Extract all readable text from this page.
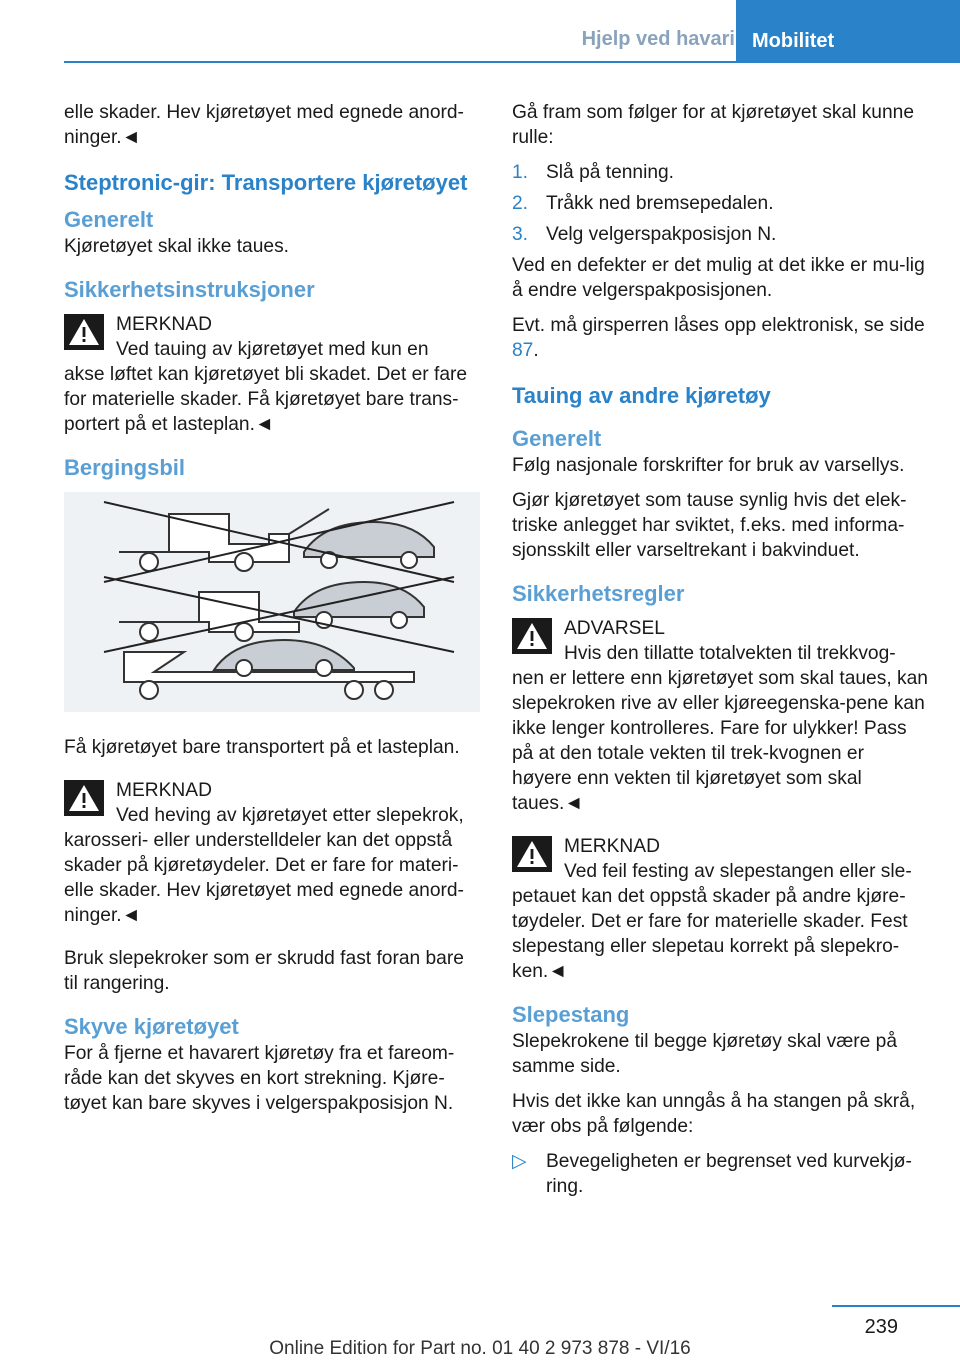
Hjelp ved havari Mobilitet

elle skader. Hev kjøretøyet med egnede anord-ninger.◄

Steptronic-gir: Transportere kjøretøyet
Generelt

Kjøretøyet skal ikke taues.

Sikkerhetsinstruksjoner
MERKNAD
Ved tauing av kjøretøyet med kun en
akse løftet kan kjøretøyet bli skadet. Det er fare for materielle skader. Få kjøretøyet bare trans-portert på et lasteplan.◄
Bergingsbil

Få kjøretøyet bare transportert på et lasteplan.

MERKNAD
Ved heving av kjøretøyet etter slepekrok,
karosseri- eller understelldeler kan det oppstå skader på kjøretøydeler. Det er fare for materi-elle skader. Hev kjøretøyet med egnede anord-ninger.◄

Bruk slepekroker som er skrudd fast foran bare til rangering.

Skyve kjøretøyet

For å fjerne et havarert kjøretøy fra et fareom-råde kan det skyves en kort strekning. Kjøre-tøyet kan bare skyves i velgerspakposisjon N.

Gå fram som følger for at kjøretøyet skal kunne rulle:

1. Slå på tenning.
2. Tråkk ned bremsepedalen.
3. Velg velgerspakposisjon N.

Ved en defekter er det mulig at det ikke er mu-lig å endre velgerspakposisjonen.

Evt. må girsperren låses opp elektronisk, se side 87.

Tauing av andre kjøretøy
Generelt

Følg nasjonale forskrifter for bruk av varsellys.

Gjør kjøretøyet som tause synlig hvis det elek-triske anlegget har sviktet, f.eks. med informa-sjonsskilt eller varseltrekant i bakvinduet.

Sikkerhetsregler
ADVARSEL
Hvis den tillatte totalvekten til trekkvog-
nen er lettere enn kjøretøyet som skal taues, kan slepekroken rive av eller kjøreegenska-pene kan ikke lenger kontrolleres. Fare for ulykker! Pass på at den totale vekten til trek-kvognen er høyere enn vekten til kjøretøyet som skal taues.◄
MERKNAD
Ved feil festing av slepestangen eller sle-
petauet kan det oppstå skader på andre kjøre-tøydeler. Det er fare for materielle skader. Fest slepestang eller slepetau korrekt på slepekro-ken.◄
Slepestang

Slepekrokene til begge kjøretøy skal være på samme side.

Hvis det ikke kan unngås å ha stangen på skrå, vær obs på følgende:

▷ Bevegeligheten er begrenset ved kurvekjø-ring.
239
Online Edition for Part no. 01 40 2 973 878 - VI/16
